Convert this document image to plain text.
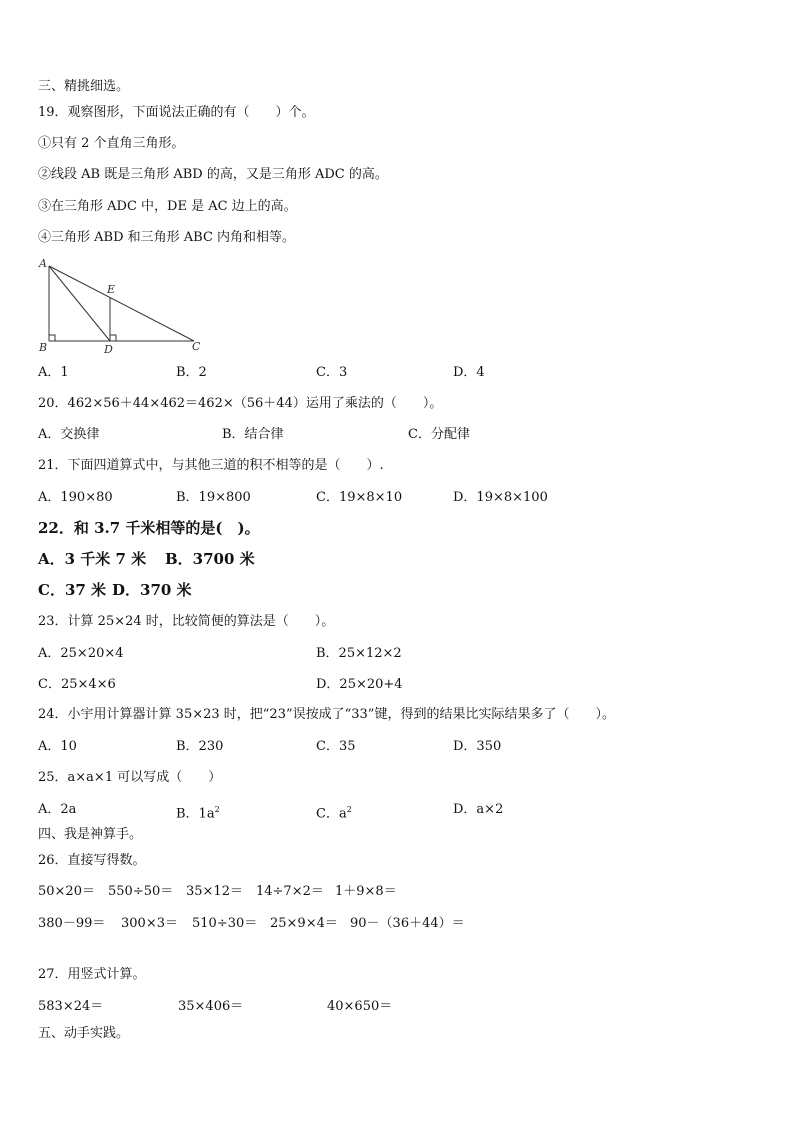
三、精挑细选。
19．观察图形，下面说法正确的有（　　）个。
①只有 2 个直角三角形。
②线段 AB 既是三角形 ABD 的高，又是三角形 ADC 的高。
③在三角形 ADC 中，DE 是 AC 边上的高。
④三角形 ABD 和三角形 ABC 内角和相等。
A
B	C
D
E
A．1	B．2	C．3	D．4
20．462×56＋44×462＝462×（56＋44）运用了乘法的（　　）。
A．交换律	B．结合律	C．分配律
21．下面四道算式中，与其他三道的积不相等的是（　　）.
A．190×80	B．19×800	C．19×8×10	D．19×8×100
22．和 3.7 千米相等的是(　)。
A．3 千米 7 米 B．3700 米
C．37 米 D．370 米
23．计算 25×24 时，比较简便的算法是（　　）。
A．25×20×4	B．25×12×2
C．25×4×6	D．25×20+4
24．小宇用计算器计算 35×23 时，把“23”误按成了“33”键，得到的结果比实际结果多了（　　）。
A．10	B．230	C．35	D．350
25．a×a×1 可以写成（　　）
A．2a	B．$1a^2$	C．$a^2$	D．a×2
四、我是神算手。
26．直接写得数。
50×20＝ 550÷50＝ 35×12＝ 14÷7×2＝ 1＋9×8＝
380－99＝ 300×3＝ 510÷30＝ 25×9×4＝ 90－（36＋44）＝
27．用竖式计算。
583×24＝	35×406＝	40×650＝
五、动手实践。
